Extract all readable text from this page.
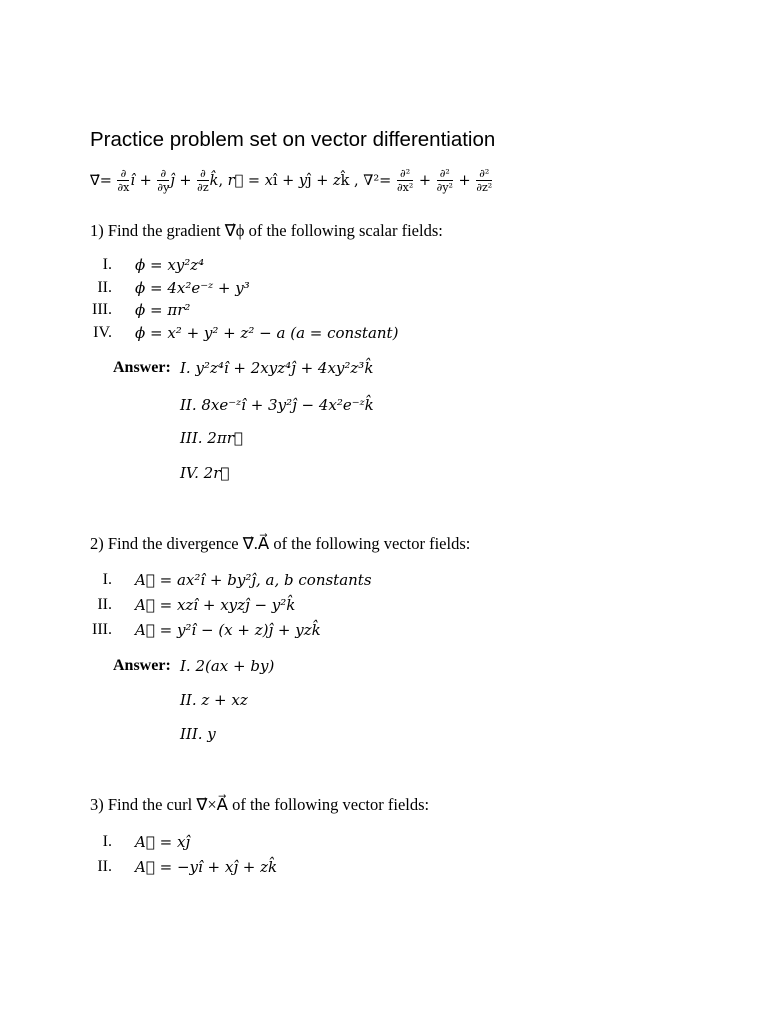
Practice problem set on vector differentiation
∇⃗= $\frac{\partial}{\partial x}$ î + $\frac{\partial}{\partial y}$ ĵ + $\frac{\partial}{\partial z}$ k̂, r⃗ = xî + yĵ + zk̂ , $\nabla^2= \frac{\text{∂²}}{\text{∂x²}} + \frac{\text{∂²}}{\text{∂y²}} + \frac{\text{∂²}}{\text{∂z²}}$
1) Find the gradient ∇⃗ϕ of the following scalar fields:
I. ϕ = xy²z⁴
II. ϕ = 4x²e⁻ᶻ + y³
III. ϕ = πr²
IV. ϕ = x² + y² + z² − a (a = constant)
Answer: I. y²z⁴î + 2xyz⁴ĵ + 4xy²z³k̂
II. 8xe⁻ᶻî + 3y²ĵ − 4x²e⁻ᶻk̂
III. 2πr⃗
IV. 2r⃗
2) Find the divergence ∇⃗.A⃗ of the following vector fields:
I. A⃗ = ax²î + by²ĵ, a, b constants
II. A⃗ = xzî + xyzĵ − y²k̂
III. A⃗ = y²î − (x + z)ĵ + yzk̂
Answer: I. 2(ax + by)
II. z + xz
III. y
3) Find the curl ∇⃗×A⃗ of the following vector fields:
I. A⃗ = xĵ
II. A⃗ = −yî + xĵ + zk̂
